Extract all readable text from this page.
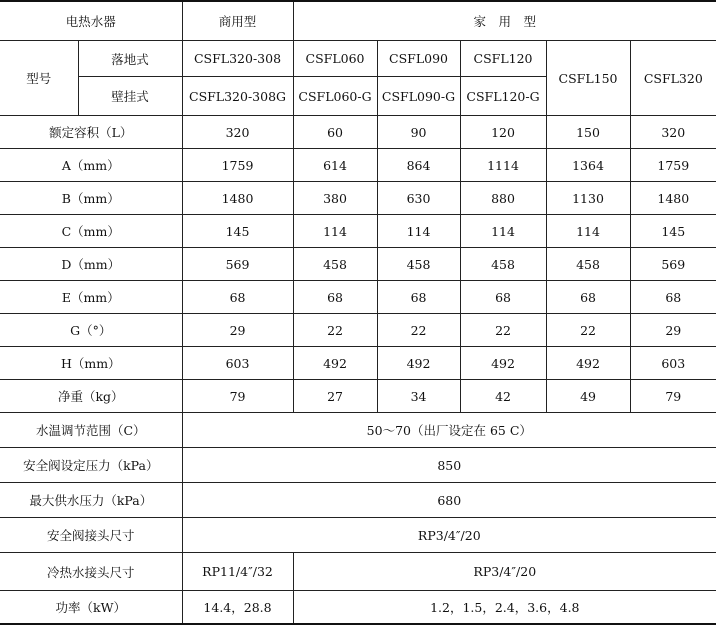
电热水器		商用型	家　用　型				
型号	落地式	CSFL320-308	CSFL060	CSFL090	CSFL120	CSFL150	CSFL320
	壁挂式	CSFL320-308G	CSFL060-G	CSFL090-G	CSFL120-G		
额定容积（L）		320	60	90	120	150	320
A（mm）		1759	614	864	1114	1364	1759
B（mm）		1480	380	630	880	1130	1480
C（mm）		145	114	114	114	114	145
D（mm）		569	458	458	458	458	569
E（mm）		68	68	68	68	68	68
G（°）		29	22	22	22	22	29
H（mm）		603	492	492	492	492	603
净重（kg）		79	27	34	42	49	79
水温调节范围（C）		50～70（出厂设定在 65 C）					
安全阀设定压力（kPa）		850					
最大供水压力（kPa）		680					
安全阀接头尺寸		RP3/4″/20					
冷热水接头尺寸		RP11/4″/32	RP3/4″/20				
功率（kW）		14.4，28.8	1.2，1.5，2.4，3.6，4.8				
